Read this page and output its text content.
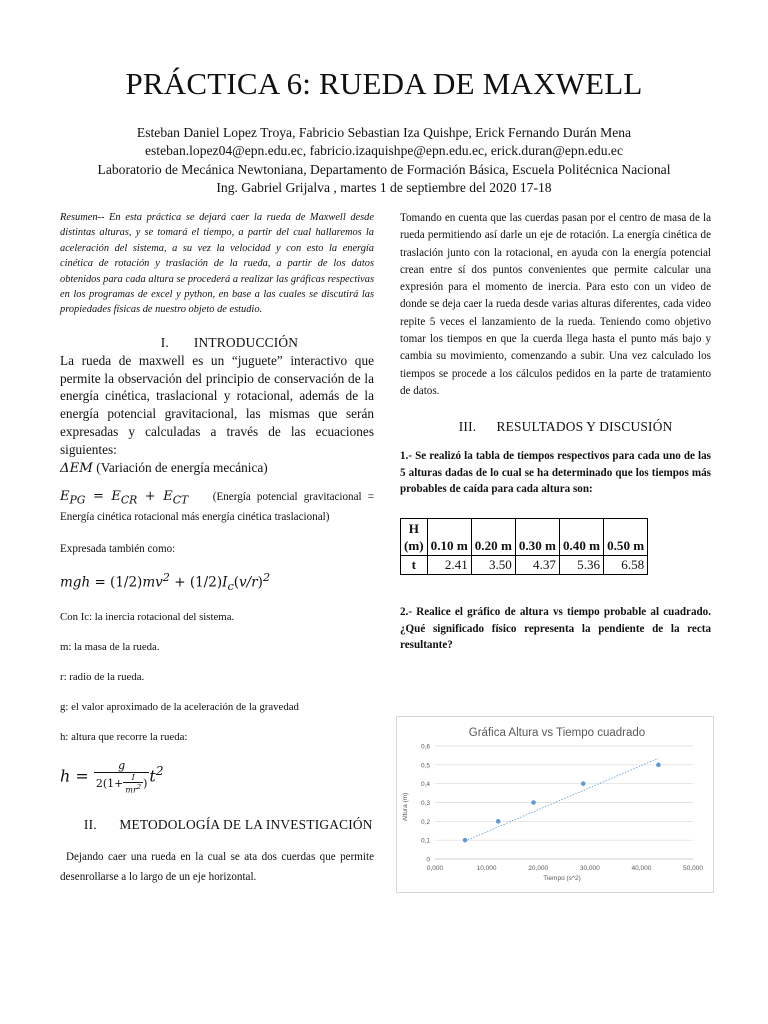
PRÁCTICA 6: RUEDA DE MAXWELL
Esteban Daniel Lopez Troya, Fabricio Sebastian Iza Quishpe, Erick Fernando Durán Mena
esteban.lopez04@epn.edu.ec, fabricio.izaquishpe@epn.edu.ec, erick.duran@epn.edu.ec
Laboratorio de Mecánica Newtoniana, Departamento de Formación Básica, Escuela Politécnica Nacional
Ing. Gabriel Grijalva , martes 1 de septiembre del 2020 17-18
Resumen-- En esta práctica se dejará caer la rueda de Maxwell desde distintas alturas, y se tomará el tiempo, a partir del cual hallaremos la aceleración del sistema, a su vez la velocidad y con esto la energía cinética de rotación y traslación de la rueda, a partir de los datos obtenidos para cada altura se procederá a realizar las gráficas respectivas en los programas de excel y python, en base a las cuales se discutirá las propiedades físicas de nuestro objeto de estudio.
I. INTRODUCCIÓN
La rueda de maxwell es un “juguete” interactivo que permite la observación del principio de conservación de la energía cinética, traslacional y rotacional, además de la energía potencial gravitacional, las mismas que serán expresadas y calculadas a través de las ecuaciones siguientes:
ΔEM (Variación de energía mecánica)
$E_{PG} = E_{CR} + E_{CT}$ (Energía potencial gravitacional = Energía cinética rotacional más energía cinética traslacional)
Expresada también como:
mgh = $(1/2)mv^2 + (1/2)I_c(v/r)^2$
Con Ic: la inercia rotacional del sistema.
m: la masa de la rueda.
r: radio de la rueda.
g: el valor aproximado de la aceleración de la gravedad
h: altura que recorre la rueda:
$h = \frac{g}{2(1+ \frac{I}{mr^2} )} t^2$
II. METODOLOGÍA DE LA INVESTIGACIÓN
Dejando caer una rueda en la cual se ata dos cuerdas que permite desenrollarse a lo largo de un eje horizontal.
Tomando en cuenta que las cuerdas pasan por el centro de masa de la rueda permitiendo así darle un eje de rotación. La energía cinética de traslación junto con la rotacional, en ayuda con la energía potencial crean entre sí dos puntos convenientes que permite calcular una expresión para el momento de inercia. Para esto con un video de donde se deja caer la rueda desde varias alturas diferentes, cada video repite 5 veces el lanzamiento de la rueda. Teniendo como objetivo tomar los tiempos en que la cuerda llega hasta el punto más bajo y cambia su movimiento, comenzando a subir. Una vez calculado los tiempos se procede a los cálculos pedidos en la parte de tratamiento de datos.
III. RESULTADOS Y DISCUSIÓN
1.- Se realizó la tabla de tiempos respectivos para cada uno de las 5 alturas dadas de lo cual se ha determinado que los tiempos más probables de caída para cada altura son:
H
(m)	0.10 m	0.20 m	0.30 m	0.40 m	0.50 m
t	2.41	3.50	4.37	5.36	6.58
2.- Realice el gráfico de altura vs tiempo probable al cuadrado. ¿Qué significado físico representa la pendiente de la recta resultante?
Gráfica Altura vs Tiempo cuadrado
Tiempo (s^2)
Altura (m)
0
0,1
0,2
0,3
0,4
0,5
0,6
0,000	10,000	20,000	30,000	40,000	50,000
